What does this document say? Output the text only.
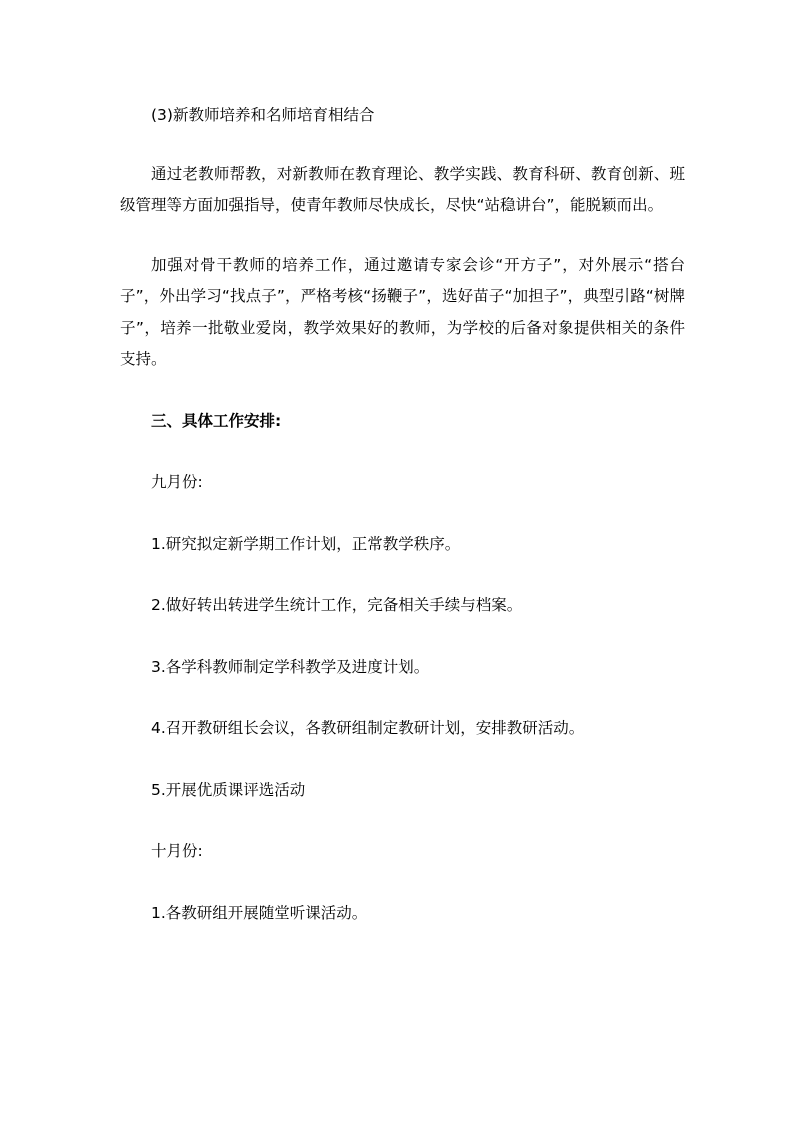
(3)新教师培养和名师培育相结合

通过老教师帮教，对新教师在教育理论、教学实践、教育科研、教育创新、班级管理等方面加强指导，使青年教师尽快成长，尽快“站稳讲台”，能脱颖而出。

加强对骨干教师的培养工作，通过邀请专家会诊“开方子”，对外展示“搭台子”，外出学习“找点子”，严格考核“扬鞭子”，选好苗子“加担子”，典型引路“树牌子”，培养一批敬业爱岗，教学效果好的教师，为学校的后备对象提供相关的条件支持。

三、具体工作安排:

九月份:

1.研究拟定新学期工作计划，正常教学秩序。

2.做好转出转进学生统计工作，完备相关手续与档案。

3.各学科教师制定学科教学及进度计划。

4.召开教研组长会议，各教研组制定教研计划，安排教研活动。

5.开展优质课评选活动

十月份:

1.各教研组开展随堂听课活动。
